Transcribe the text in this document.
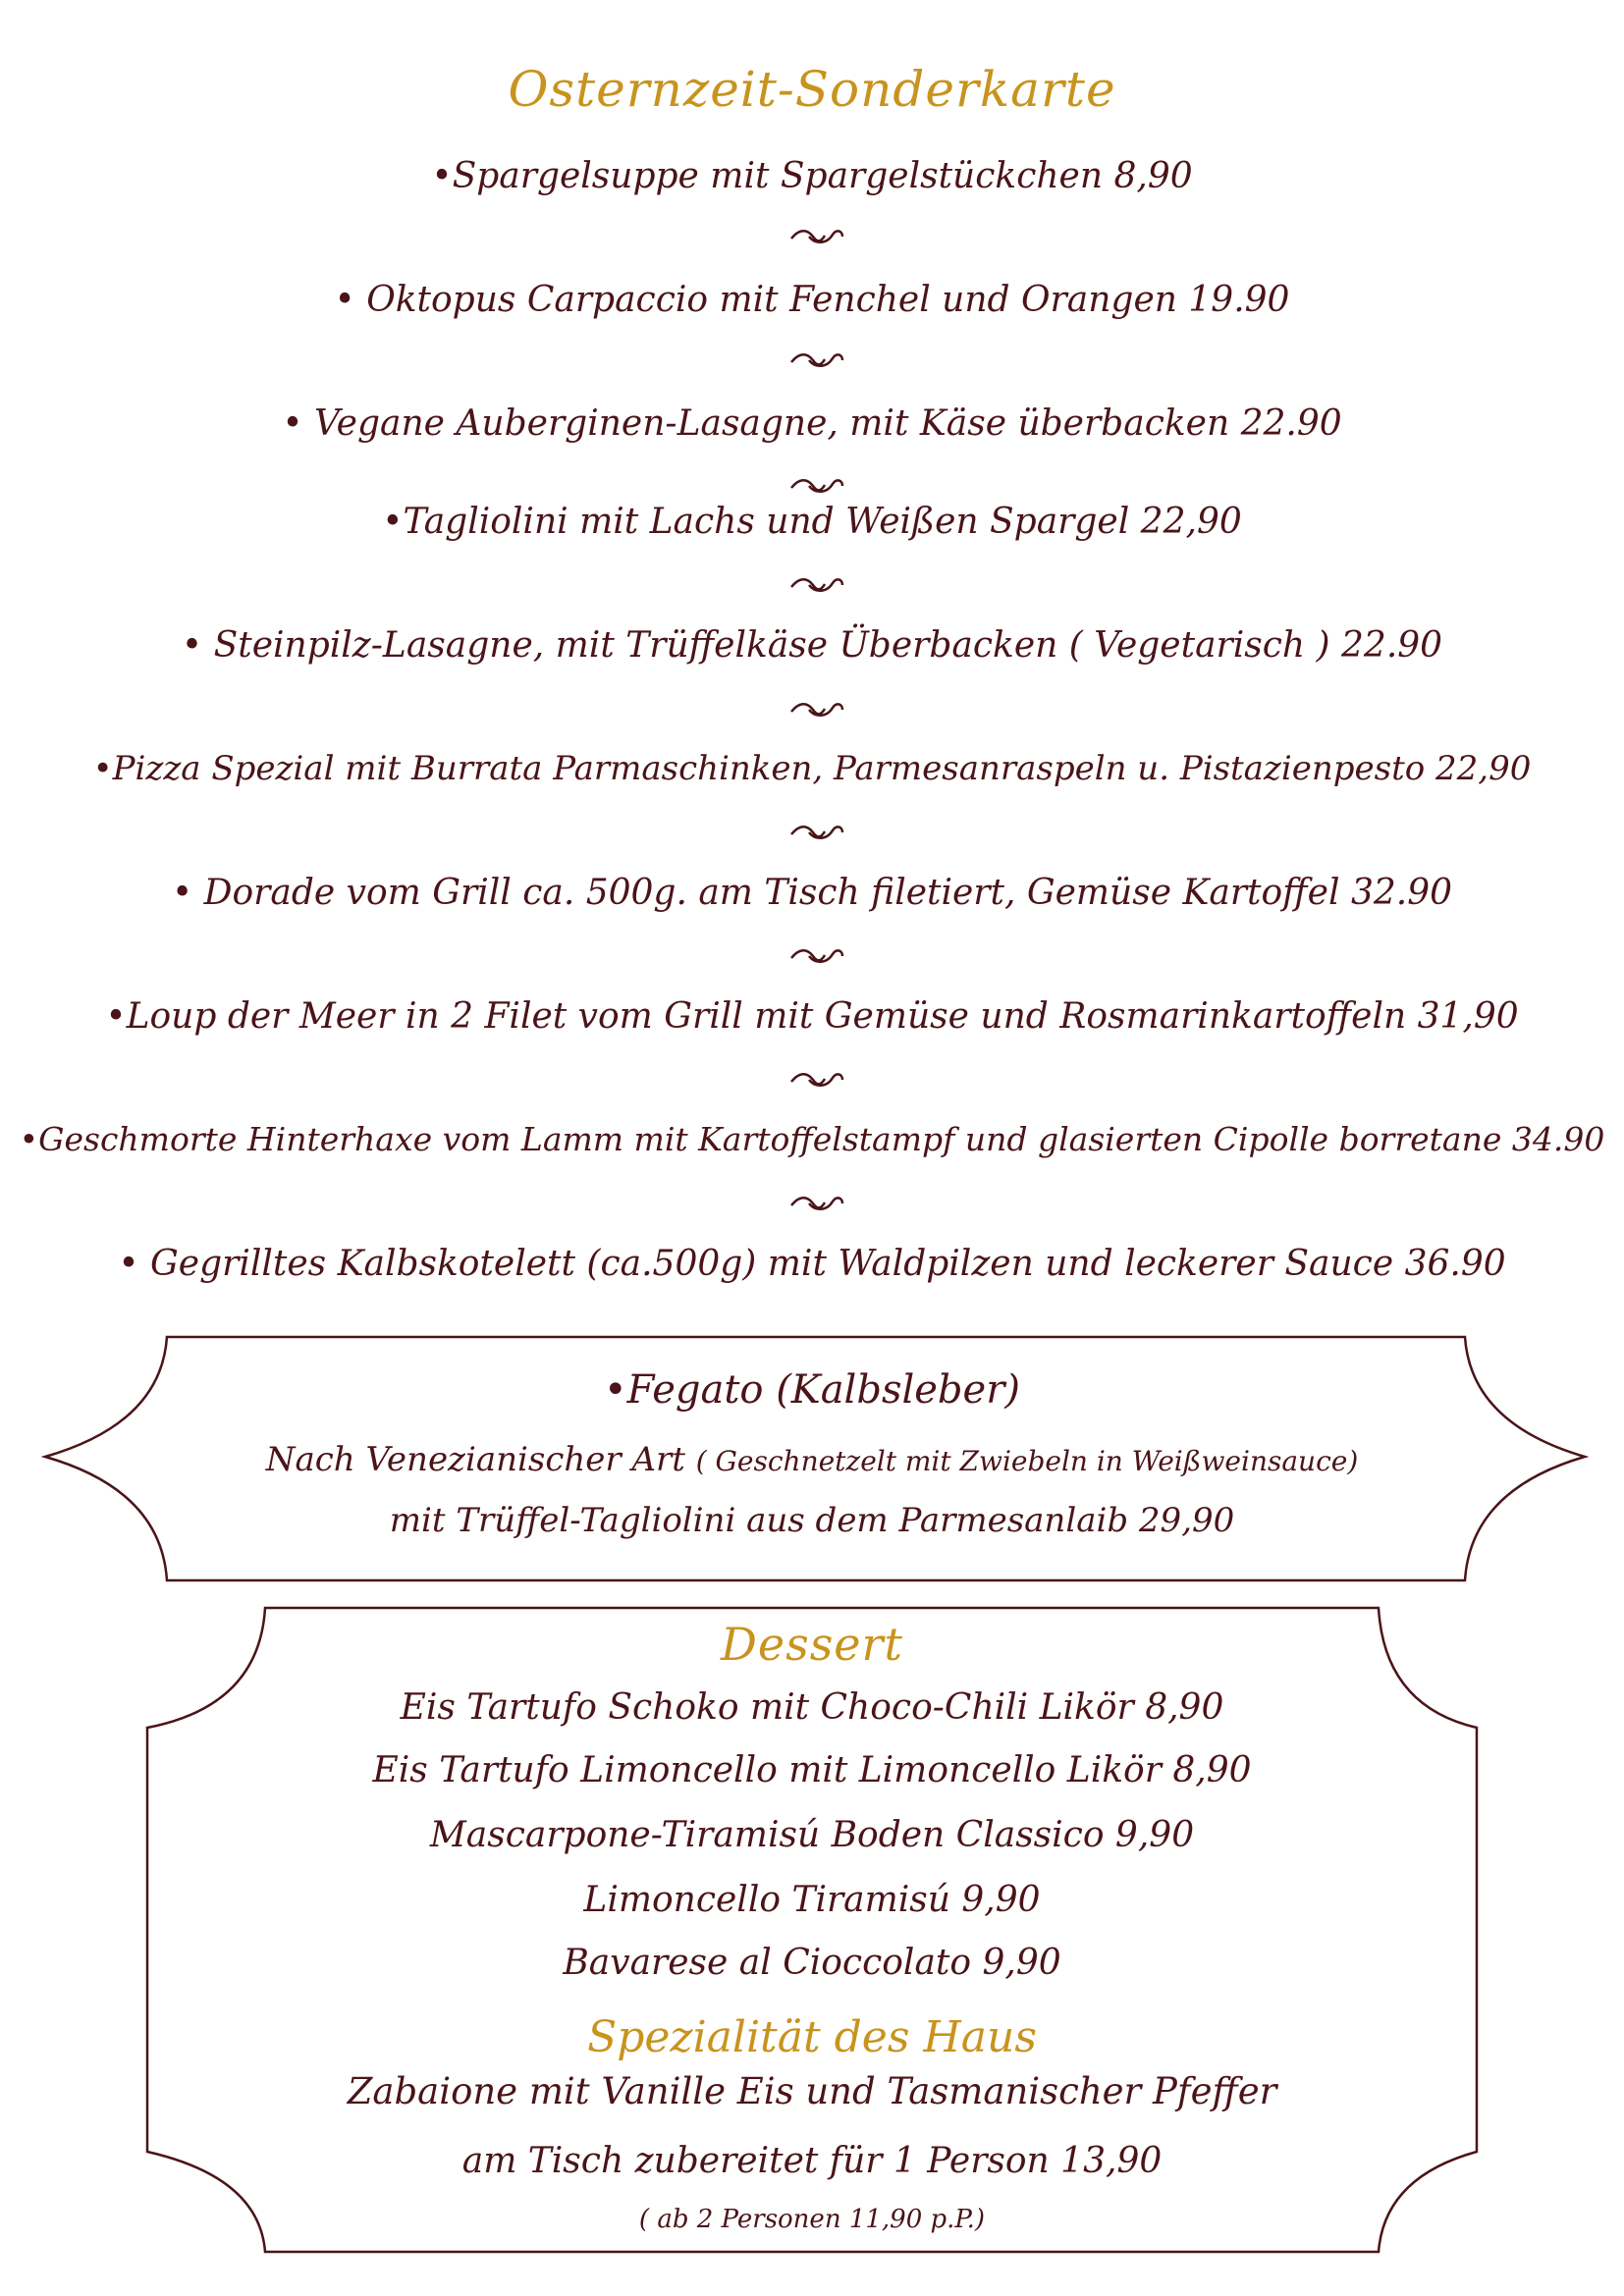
Osternzeit-Sonderkarte
•Spargelsuppe mit Spargelstückchen 8,90
• Oktopus Carpaccio mit Fenchel und Orangen 19.90
• Vegane Auberginen-Lasagne, mit Käse überbacken 22.90
•Tagliolini mit Lachs und Weißen Spargel 22,90
• Steinpilz-Lasagne, mit Trüffelkäse Überbacken ( Vegetarisch ) 22.90
•Pizza Spezial mit Burrata Parmaschinken, Parmesanraspeln u. Pistazienpesto 22,90
• Dorade vom Grill ca. 500g. am Tisch filetiert, Gemüse Kartoffel 32.90
•Loup der Meer in 2 Filet vom Grill mit Gemüse und Rosmarinkartoffeln 31,90
•Geschmorte Hinterhaxe vom Lamm mit Kartoffelstampf und glasierten Cipolle borretane 34.90
• Gegrilltes Kalbskotelett (ca.500g) mit Waldpilzen und leckerer Sauce 36.90
•Fegato (Kalbsleber)
Nach Venezianischer Art ( Geschnetzelt mit Zwiebeln in Weißweinsauce)
mit Trüffel-Tagliolini aus dem Parmesanlaib 29,90
Dessert
Eis Tartufo Schoko mit Choco-Chili Likör 8,90
Eis Tartufo Limoncello mit Limoncello Likör 8,90
Mascarpone-Tiramisú Boden Classico 9,90
Limoncello Tiramisú 9,90
Bavarese al Cioccolato 9,90
Spezialität des Haus
Zabaione mit Vanille Eis und Tasmanischer Pfeffer
am Tisch zubereitet für 1 Person 13,90
( ab 2 Personen 11,90 p.P.)
